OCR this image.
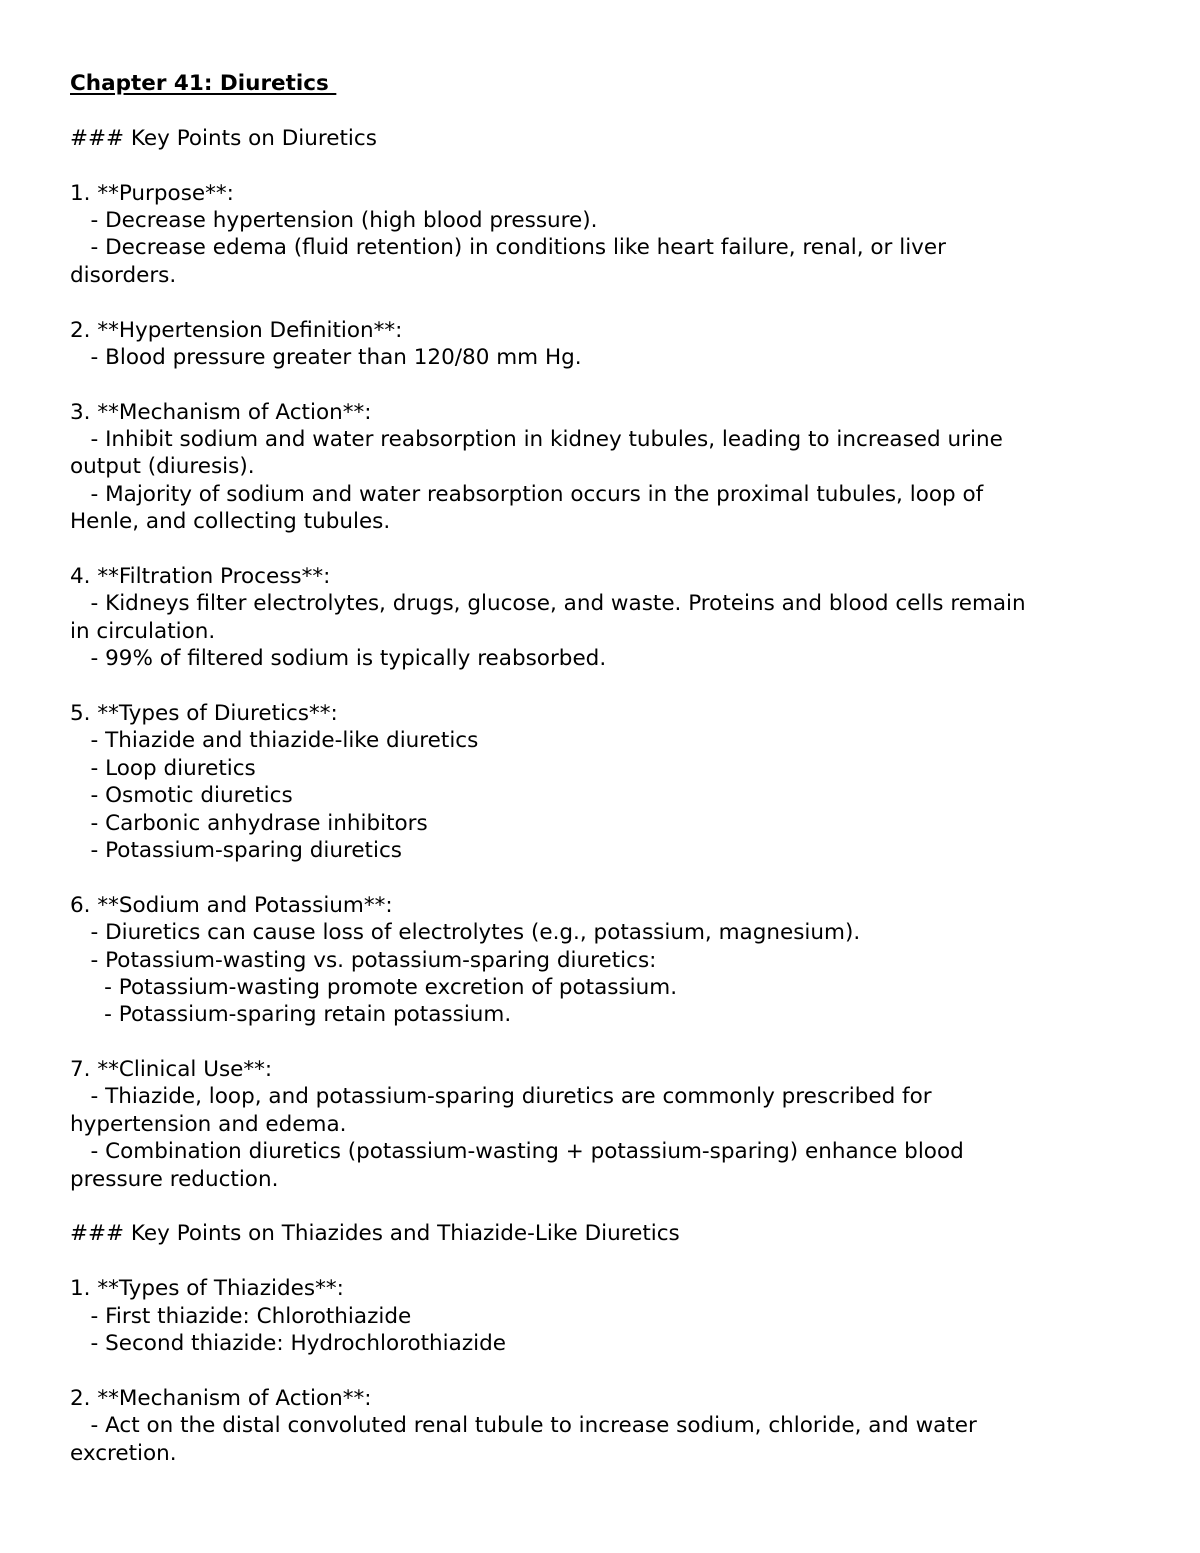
Chapter 41: Diuretics
### Key Points on Diuretics
1. **Purpose**:
- Decrease hypertension (high blood pressure).
- Decrease edema (fluid retention) in conditions like heart failure, renal, or liver
disorders.
2. **Hypertension Definition**:
- Blood pressure greater than 120/80 mm Hg.
3. **Mechanism of Action**:
- Inhibit sodium and water reabsorption in kidney tubules, leading to increased urine
output (diuresis).
- Majority of sodium and water reabsorption occurs in the proximal tubules, loop of
Henle, and collecting tubules.
4. **Filtration Process**:
- Kidneys filter electrolytes, drugs, glucose, and waste. Proteins and blood cells remain
in circulation.
- 99% of filtered sodium is typically reabsorbed.
5. **Types of Diuretics**:
- Thiazide and thiazide-like diuretics
- Loop diuretics
- Osmotic diuretics
- Carbonic anhydrase inhibitors
- Potassium-sparing diuretics
6. **Sodium and Potassium**:
- Diuretics can cause loss of electrolytes (e.g., potassium, magnesium).
- Potassium-wasting vs. potassium-sparing diuretics:
- Potassium-wasting promote excretion of potassium.
- Potassium-sparing retain potassium.
7. **Clinical Use**:
- Thiazide, loop, and potassium-sparing diuretics are commonly prescribed for
hypertension and edema.
- Combination diuretics (potassium-wasting + potassium-sparing) enhance blood
pressure reduction.
### Key Points on Thiazides and Thiazide-Like Diuretics
1. **Types of Thiazides**:
- First thiazide: Chlorothiazide
- Second thiazide: Hydrochlorothiazide
2. **Mechanism of Action**:
- Act on the distal convoluted renal tubule to increase sodium, chloride, and water
excretion.
